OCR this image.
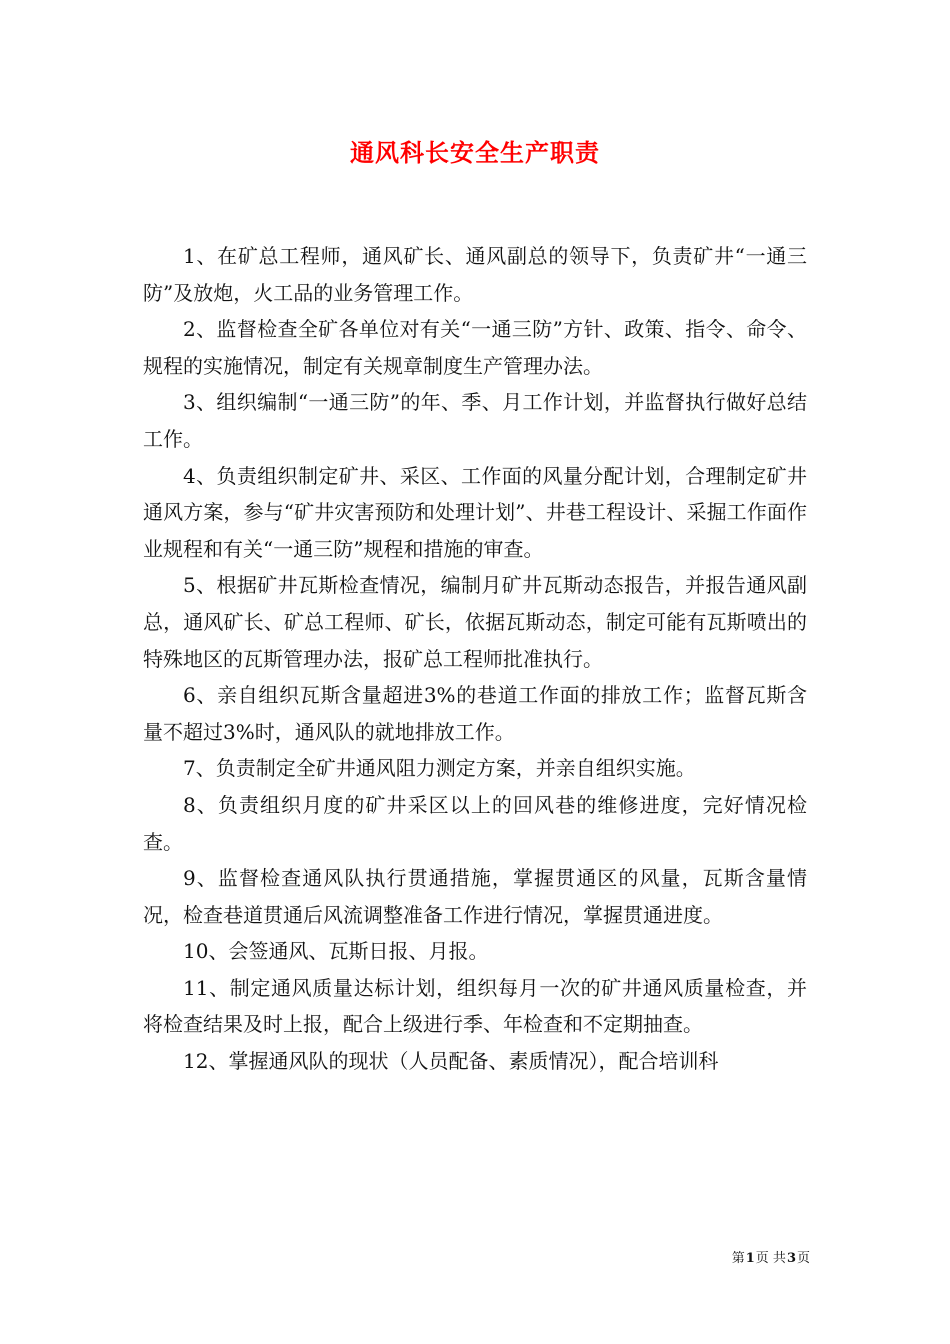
通风科长安全生产职责

1、在矿总工程师，通风矿长、通风副总的领导下，负责矿井“一通三防”及放炮，火工品的业务管理工作。

2、监督检查全矿各单位对有关“一通三防”方针、政策、指令、命令、规程的实施情况，制定有关规章制度生产管理办法。

3、组织编制“一通三防”的年、季、月工作计划，并监督执行做好总结工作。

4、负责组织制定矿井、采区、工作面的风量分配计划，合理制定矿井通风方案，参与“矿井灾害预防和处理计划”、井巷工程设计、采掘工作面作业规程和有关“一通三防”规程和措施的审查。

5、根据矿井瓦斯检查情况，编制月矿井瓦斯动态报告，并报告通风副总，通风矿长、矿总工程师、矿长，依据瓦斯动态，制定可能有瓦斯喷出的特殊地区的瓦斯管理办法，报矿总工程师批准执行。

6、亲自组织瓦斯含量超进3%的巷道工作面的排放工作；监督瓦斯含量不超过3%时，通风队的就地排放工作。

7、负责制定全矿井通风阻力测定方案，并亲自组织实施。

8、负责组织月度的矿井采区以上的回风巷的维修进度，完好情况检查。

9、监督检查通风队执行贯通措施，掌握贯通区的风量，瓦斯含量情况，检查巷道贯通后风流调整准备工作进行情况，掌握贯通进度。

10、会签通风、瓦斯日报、月报。

11、制定通风质量达标计划，组织每月一次的矿井通风质量检查，并将检查结果及时上报，配合上级进行季、年检查和不定期抽查。

12、掌握通风队的现状（人员配备、素质情况），配合培训科

第1页 共3页
